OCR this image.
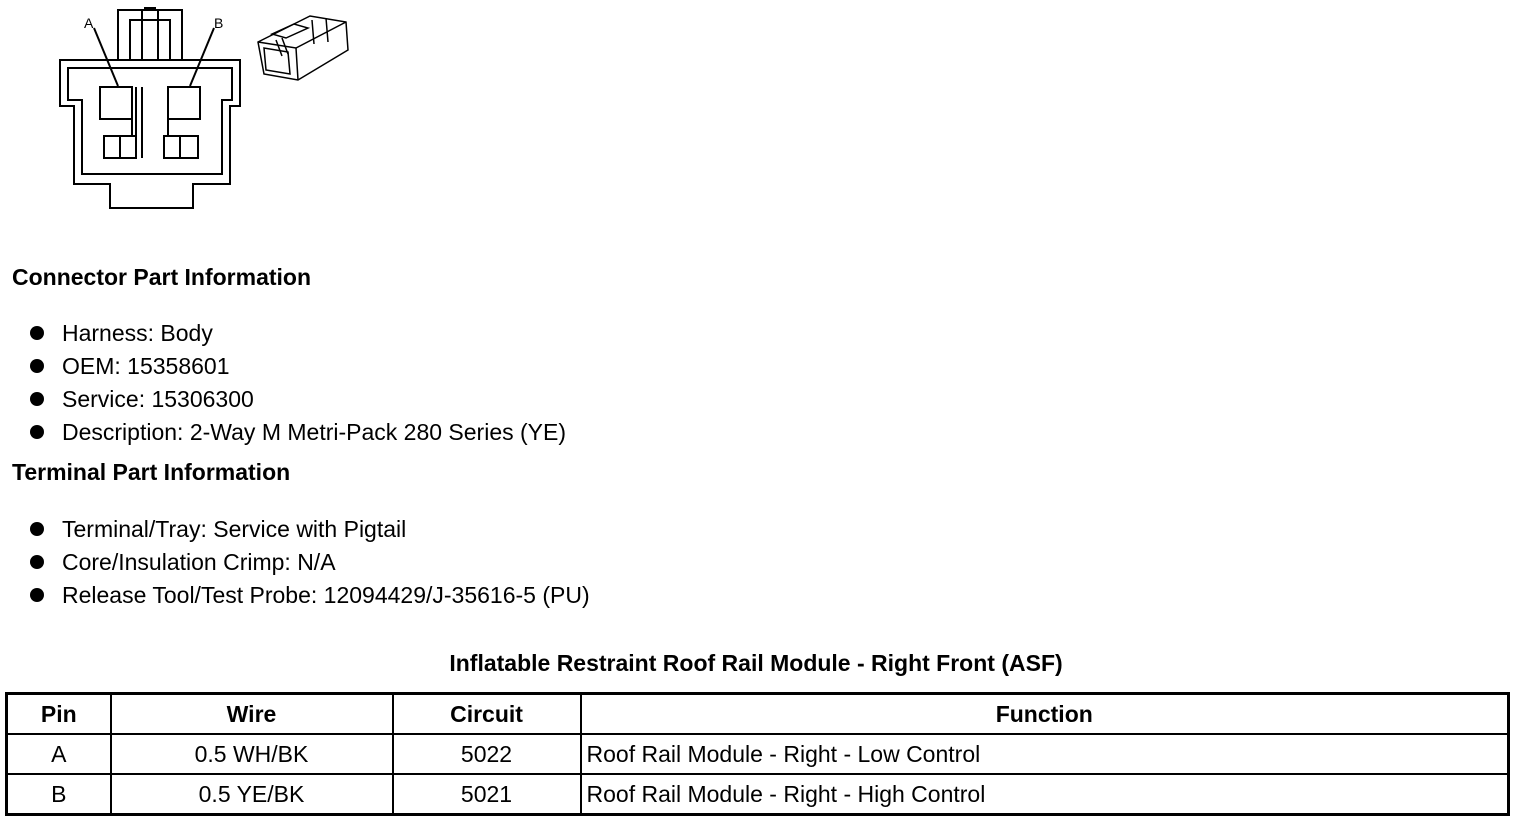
A	B
Connector Part Information
Harness: Body
OEM: 15358601
Service: 15306300
Description: 2-Way M Metri-Pack 280 Series (YE)
Terminal Part Information
Terminal/Tray: Service with Pigtail
Core/Insulation Crimp: N/A
Release Tool/Test Probe: 12094429/J-35616-5 (PU)
Inflatable Restraint Roof Rail Module - Right Front (ASF)
Pin	Wire	Circuit	Function
A	0.5 WH/BK	5022	Roof Rail Module - Right - Low Control
B	0.5 YE/BK	5021	Roof Rail Module - Right - High Control
